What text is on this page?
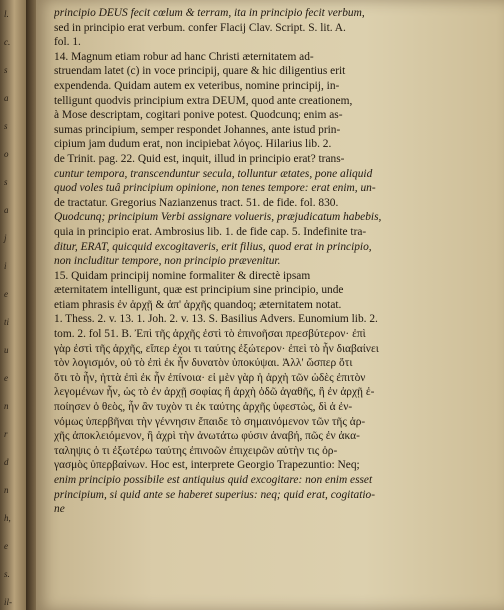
l.
c.
s
a
s
o
s
a
j
i
e
ti
u
e
n
r
d
n
h,
e
s.
il-
principio DEUS fecit cœlum & terram, ita in principio fecit verbum,
sed in principio erat verbum. confer Flacij Clav. Script. S. lit. A.
fol. 1.
14. Magnum etiam robur ad hanc Christi æternitatem ad-
struendam latet (c) in voce principij, quare & hic diligentius erit
expendenda. Quidam autem ex veteribus, nomine principij, in-
telligunt quodvis principium extra DEUM, quod ante creationem,
à Mose descriptam, cogitari ponive potest. Quodcunq; enim as-
sumas principium, semper respondet Johannes, ante istud prin-
cipium jam dudum erat, non incipiebat λόγος. Hilarius lib. 2.
de Trinit. pag. 22. Quid est, inquit, illud in principio erat? trans-
cuntur tempora, transcenduntur secula, tolluntur ætates, pone aliquid
quod voles tuâ principium opinione, non tenes tempore: erat enim, un-
de tractatur. Gregorius Nazianzenus tract. 51. de fide. fol. 830.
Quodcunq; principium Verbi assignare volueris, præjudicatum habebis,
quia in principio erat. Ambrosius lib. 1. de fide cap. 5. Indefinite tra-
ditur, ERAT, quicquid excogitaveris, erit filius, quod erat in principio,
non includitur tempore, non principio prævenitur.
15. Quidam principij nomine formaliter & directè ipsam
æternitatem intelligunt, quæ est principium sine principio, unde
etiam phrasis ἐν ἀρχῇ & ἀπ' ἀρχῆς quandoq; æternitatem notat.
1. Thess. 2. v. 13. 1. Joh. 2. v. 13. S. Basilius Advers. Eunomium lib. 2.
tom. 2. fol 51. B. Ἐπὶ τῆς ἀρχῆς ἐστὶ τὸ ἐπινοῆσαι πρεσβύτερον· ἐπὶ
γὰρ ἐστὶ τῆς ἀρχῆς, εἴπερ ἐχοι τι ταύτης ἐξώτερον· ἐπεὶ τὸ ἦν διαβαίνει
τὸν λογισμόν, οὐ τὸ ἐπὶ ἐκ ἦν δυνατὸν ὑποκύψαι. Ἀλλ' ὥσπερ ὅτι
ὅτι τὸ ἦν, ἡττὰ ἐπὶ ἐκ ἦν ἐπίνοια· εἰ μὲν γὰρ ἡ ἀρχὴ τῶν ὡδὲς ἐπιτὸν
λεγομένων ἦν, ὡς τὸ ἐν ἀρχῇ σοφίας ἢ ἀρχὴ ὁδῶ ἀγαθῆς, ἢ ἐν ἀρχῇ ἐ-
ποίησεν ὁ θεὸς, ἦν ἂν τυχὸν τι ἐκ ταύτης ἀρχῆς ὑφεστὼς, δὶ ἀ ἐν-
νόμως ὑπερβῆναι τὴν γέννησιν ἔπαιδε τὸ σημαινόμενον τῶν τῆς ἀρ-
χῆς ἀποκλειόμενον, ἢ ἀχρὶ τὴν ἀνωτάτω φύσιν ἀναβή, πῶς ἐν ἀκα-
ταληψις ὁ τι ἐξωτέρω ταύτης ἐπινοῶν ἐπιχειρῶν αὐτὴν τις ὀρ-
γασμὸς ὑπερβαίνων. Hoc est, interprete Georgio Trapezuntio: Neq;
enim principio possibile est antiquius quid excogitare: non enim esset
principium, si quid ante se haberet superius: neq; quid erat, cogitatio-
ne
